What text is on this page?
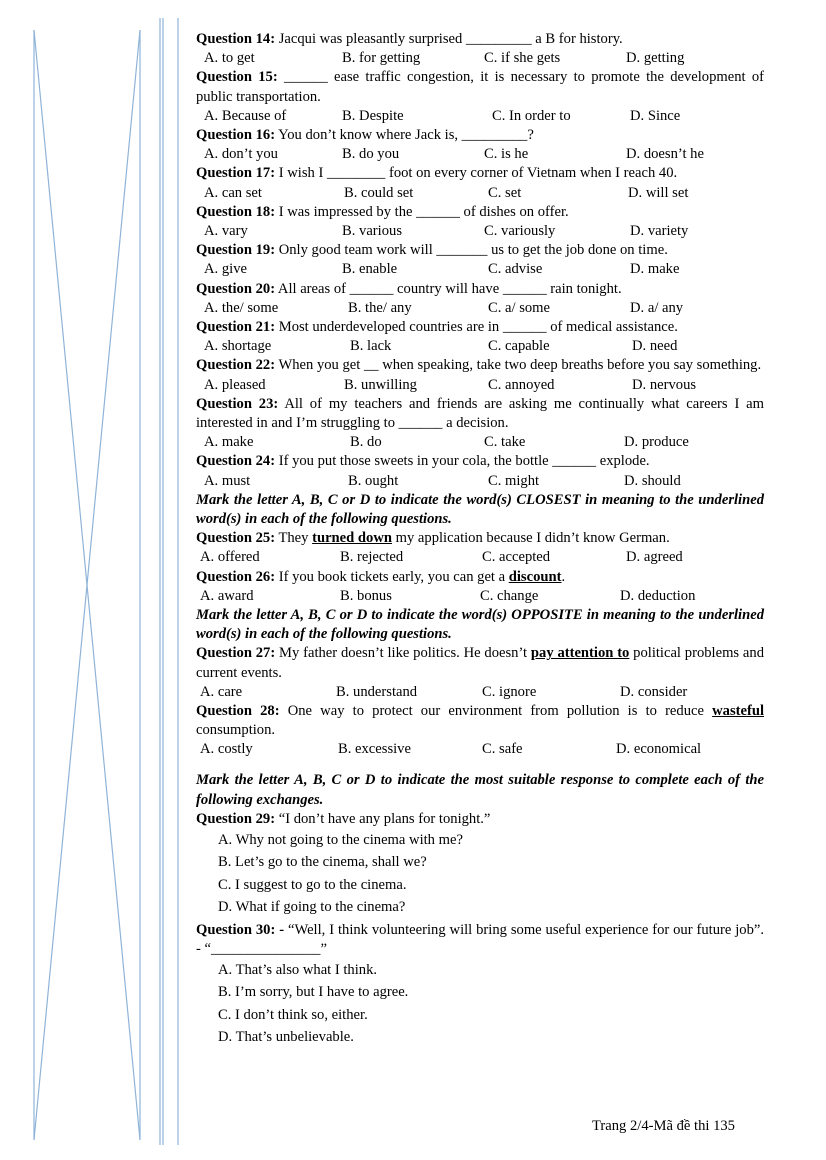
Question 14: Jacqui was pleasantly surprised _________ a B for history.
A. to get	B. for getting	C. if she gets	D. getting
Question 15: ______ ease traffic congestion, it is necessary to promote the development of public transportation.
A. Because of	B. Despite	C. In order to	D. Since
Question 16: You don’t know where Jack is, _________?
A. don’t you	B. do you	C. is he	D. doesn’t he
Question 17: I wish I ________ foot on every corner of Vietnam when I reach 40.
A. can set	B. could set	C. set	D. will set
Question 18: I was impressed by the ______ of dishes on offer.
A. vary	B. various	C. variously	D. variety
Question 19: Only good team work will _______ us to get the job done on time.
A. give	B. enable	C. advise	D. make
Question 20: All areas of ______ country will have ______ rain tonight.
A. the/ some	B. the/ any	C. a/ some	D. a/ any
Question 21: Most underdeveloped countries are in ______ of medical assistance.
A. shortage	B. lack	C. capable	D. need
Question 22: When you get __ when speaking, take two deep breaths before you say something.
A. pleased	B. unwilling	C. annoyed	D. nervous
Question 23: All of my teachers and friends are asking me continually what careers I am interested in and I’m struggling to ______ a decision.
A. make	B. do	C. take	D. produce
Question 24: If you put those sweets in your cola, the bottle ______ explode.
A. must	B. ought	C. might	D. should
Mark the letter A, B, C or D to indicate the word(s) CLOSEST in meaning to the underlined word(s) in each of the following questions.
Question 25: They turned down my application because I didn’t know German.
A. offered	B. rejected	C. accepted	D. agreed
Question 26: If you book tickets early, you can get a discount.
A. award	B. bonus	C. change	D. deduction
Mark the letter A, B, C or D to indicate the word(s) OPPOSITE in meaning to the underlined word(s) in each of the following questions.
Question 27: My father doesn’t like politics. He doesn’t pay attention to political problems and current events.
A. care	B. understand	C. ignore	D. consider
Question 28: One way to protect our environment from pollution is to reduce wasteful consumption.
A. costly	B. excessive	C. safe	D. economical
Mark the letter A, B, C or D to indicate the most suitable response to complete each of the following exchanges.
Question 29: “I don’t have any plans for tonight.”
A. Why not going to the cinema with me?
B. Let’s go to the cinema, shall we?
C. I suggest to go to the cinema.
D. What if going to the cinema?
Question 30: - “Well, I think volunteering will bring some useful experience for our future job”. - “_______________”
A. That’s also what I think.
B. I’m sorry, but I have to agree.
C. I don’t think so, either.
D. That’s unbelievable.
Trang 2/4-Mã đề thi 135
